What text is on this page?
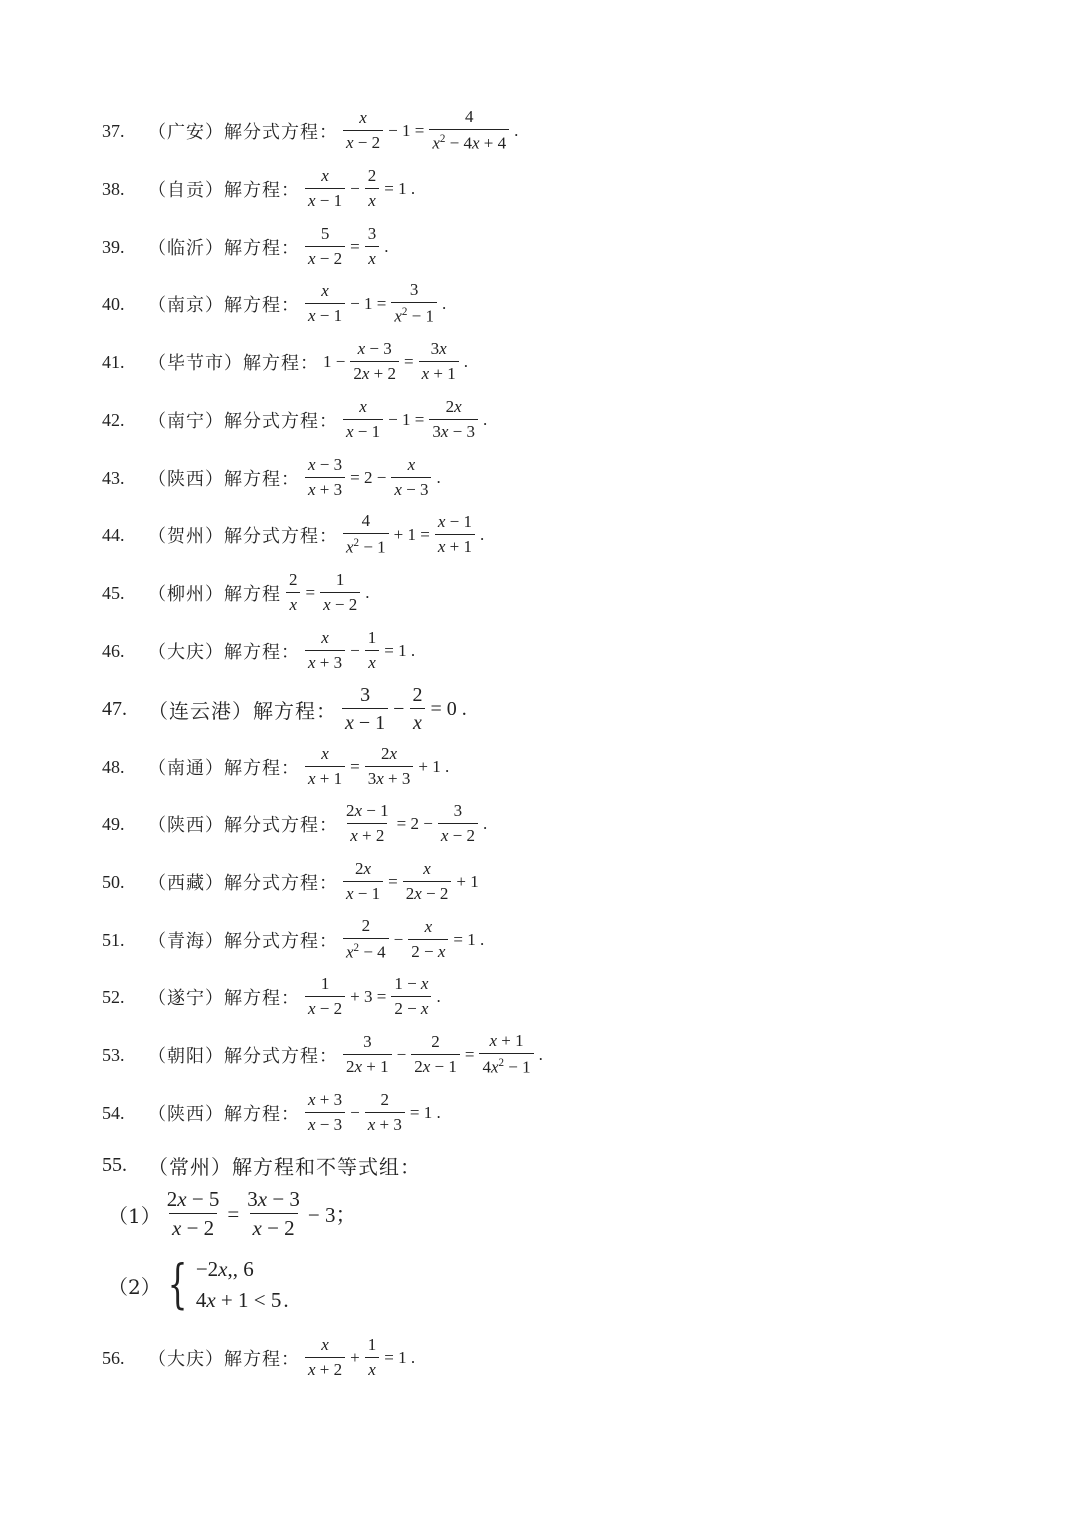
37.	（广安） 解分式方程： $\frac{x}{x - 2} - 1 = \frac{4}{x^2 - 4x + 4}$ .
38.	（自贡） 解方程： $\frac{x}{x - 1} - \frac{2}{x} = 1$ .
39.	（临沂） 解方程： $\frac{5}{x - 2} = \frac{3}{x}$ .
40.	（南京） 解方程： $\frac{x}{x - 1} - 1 = \frac{3}{x^2 - 1}$ .
41.	（毕节市） 解方程： $1 - \frac{x - 3}{2x + 2} = \frac{3x}{x + 1}$ .
42.	（南宁） 解分式方程： $\frac{x}{x - 1} - 1 = \frac{2x}{3x - 3}$ .
43.	（陕西） 解方程： $\frac{x - 3}{x + 3} = 2 - \frac{x}{x - 3}$ .
44.	（贺州） 解分式方程： $\frac{4}{x^2 - 1} + 1 = \frac{x - 1}{x + 1}$ .
45.	（柳州） 解方程 $\frac{2}{x} = \frac{1}{x - 2}$ .
46.	（大庆） 解方程： $\frac{x}{x + 3} - \frac{1}{x} = 1$ .
47.	（连云港） 解方程： $\frac{3}{x - 1} - \frac{2}{x} = 0$ .
48.	（南通） 解方程： $\frac{x}{x + 1} = \frac{2x}{3x + 3} + 1$ .
49.	（陕西） 解分式方程： $\frac{2x - 1}{x + 2} = 2 - \frac{3}{x - 2}$ .
50.	（西藏） 解分式方程： $\frac{2x}{x - 1} = \frac{x}{2x - 2} + 1$
51.	（青海） 解分式方程： $\frac{2}{x^2 - 4} - \frac{x}{2 - x} = 1$ .
52.	（遂宁） 解方程： $\frac{1}{x - 2} + 3 = \frac{1 - x}{2 - x}$ .
53.	（朝阳） 解分式方程： $\frac{3}{2x + 1} - \frac{2}{2x - 1} = \frac{x + 1}{4x^2 - 1}$ .
54.	（陕西） 解方程： $\frac{x + 3}{x - 3} - \frac{2}{x + 3} = 1$ .
55.	（常州） 解方程和不等式组：
$(1) \frac{2x - 5}{x - 2} = \frac{3x - 3}{x - 2} - 3$；
（2） { −2x,, 6
4x + 1 < 5 .
56.	（大庆） 解方程： $\frac{x}{x + 2} + \frac{1}{x} = 1$ .
